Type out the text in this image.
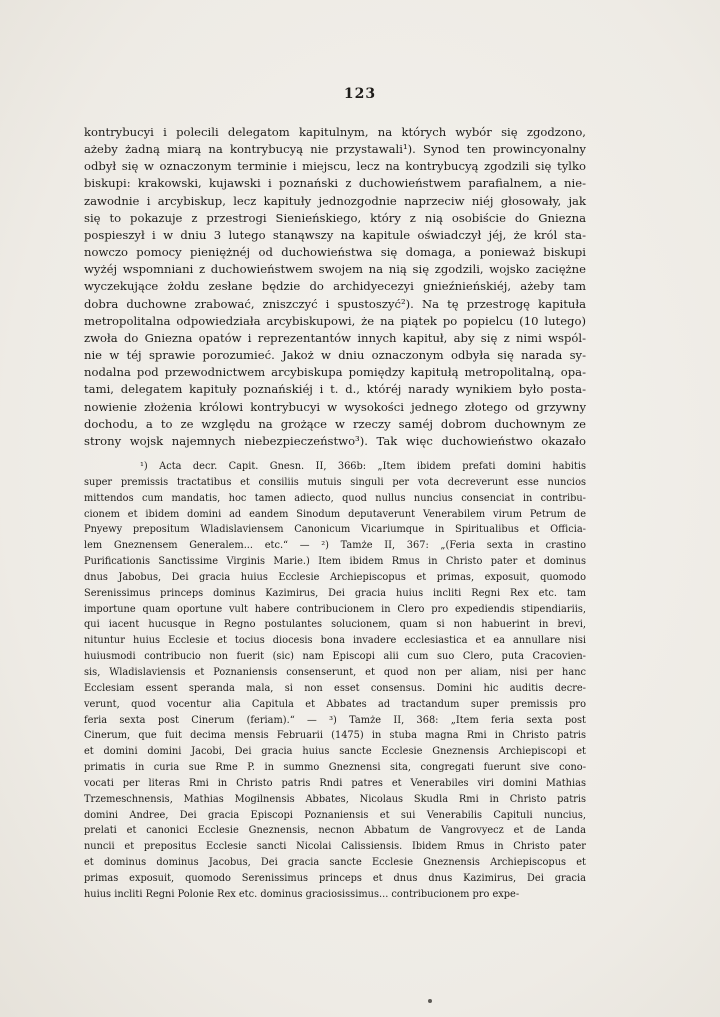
123
kontrybucyi i polecili delegatom kapitulnym, na których wybór się zgodzono,
ażeby żadną miarą na kontrybucyą nie przystawali¹). Synod ten prowincyonalny
odbył się w oznaczonym terminie i miejscu, lecz na kontrybucyą zgodzili się tylko
biskupi: krakowski, kujawski i poznański z duchowieństwem parafialnem, a nie-
zawodnie i arcybiskup, lecz kapituły jednozgodnie naprzeciw niéj głosowały, jak
się to pokazuje z przestrogi Sienieńskiego, który z nią osobiście do Gniezna
pospieszył i w dniu 3 lutego stanąwszy na kapitule oświadczył jéj, że król sta-
nowczo pomocy pieniężnéj od duchowieństwa się domaga, a ponieważ biskupi
wyżéj wspomniani z duchowieństwem swojem na nią się zgodzili, wojsko zaciężne
wyczekujące żołdu zesłane będzie do archidyecezyi gnieźnieńskiéj, ażeby tam
dobra duchowne zrabować, zniszczyć i spustoszyć²). Na tę przestrogę kapituła
metropolitalna odpowiedziała arcybiskupowi, że na piątek po popielcu (10 lutego)
zwoła do Gniezna opatów i reprezentantów innych kapituł, aby się z nimi wspól-
nie w téj sprawie porozumieć. Jakoż w dniu oznaczonym odbyła się narada sy-
nodalna pod przewodnictwem arcybiskupa pomiędzy kapitułą metropolitalną, opa-
tami, delegatem kapituły poznańskiéj i t. d., któréj narady wynikiem było posta-
nowienie złożenia królowi kontrybucyi w wysokości jednego złotego od grzywny
dochodu, a to ze względu na grożące w rzeczy saméj dobrom duchownym ze
strony wojsk najemnych niebezpieczeństwo³). Tak więc duchowieństwo okazało
¹) Acta decr. Capit. Gnesn. II, 366b: „Item ibidem prefati domini habitis
super premissis tractatibus et consiliis mutuis singuli per vota decreverunt esse nuncios
mittendos cum mandatis, hoc tamen adiecto, quod nullus nuncius consenciat in contribu-
cionem et ibidem domini ad eandem Sinodum deputaverunt Venerabilem virum Petrum de
Pnyewy prepositum Wladislaviensem Canonicum Vicariumque in Spiritualibus et Officia-
lem Gneznensem Generalem... etc.“ — ²) Tamże II, 367: „(Feria sexta in crastino
Purificationis Sanctissime Virginis Marie.) Item ibidem Rmus in Christo pater et dominus
dnus Jabobus, Dei gracia huius Ecclesie Archiepiscopus et primas, exposuit, quomodo
Serenissimus princeps dominus Kazimirus, Dei gracia huius incliti Regni Rex etc. tam
importune quam oportune vult habere contribucionem in Clero pro expediendis stipendiariis,
qui iacent hucusque in Regno postulantes solucionem, quam si non habuerint in brevi,
nituntur huius Ecclesie et tocius diocesis bona invadere ecclesiastica et ea annullare nisi
huiusmodi contribucio non fuerit (sic) nam Episcopi alii cum suo Clero, puta Cracovien-
sis, Wladislaviensis et Poznaniensis consenserunt, et quod non per aliam, nisi per hanc
Ecclesiam essent speranda mala, si non esset consensus. Domini hic auditis decre-
verunt, quod vocentur alia Capitula et Abbates ad tractandum super premissis pro
feria sexta post Cinerum (feriam).“ — ³) Tamże II, 368: „Item feria sexta post
Cinerum, que fuit decima mensis Februarii (1475) in stuba magna Rmi in Christo patris
et domini domini Jacobi, Dei gracia huius sancte Ecclesie Gneznensis Archiepiscopi et
primatis in curia sue Rme P. in summo Gneznensi sita, congregati fuerunt sive cono-
vocati per literas Rmi in Christo patris Rndi patres et Venerabiles viri domini Mathias
Trzemeschnensis, Mathias Mogilnensis Abbates, Nicolaus Skudla Rmi in Christo patris
domini Andree, Dei gracia Episcopi Poznaniensis et sui Venerabilis Capituli nuncius,
prelati et canonici Ecclesie Gneznensis, necnon Abbatum de Vangrovyecz et de Landa
nuncii et prepositus Ecclesie sancti Nicolai Calissiensis. Ibidem Rmus in Christo pater
et dominus dominus Jacobus, Dei gracia sancte Ecclesie Gneznensis Archiepiscopus et
primas exposuit, quomodo Serenissimus princeps et dnus dnus Kazimirus, Dei gracia
huius incliti Regni Polonie Rex etc. dominus graciosissimus... contribucionem pro expe-
